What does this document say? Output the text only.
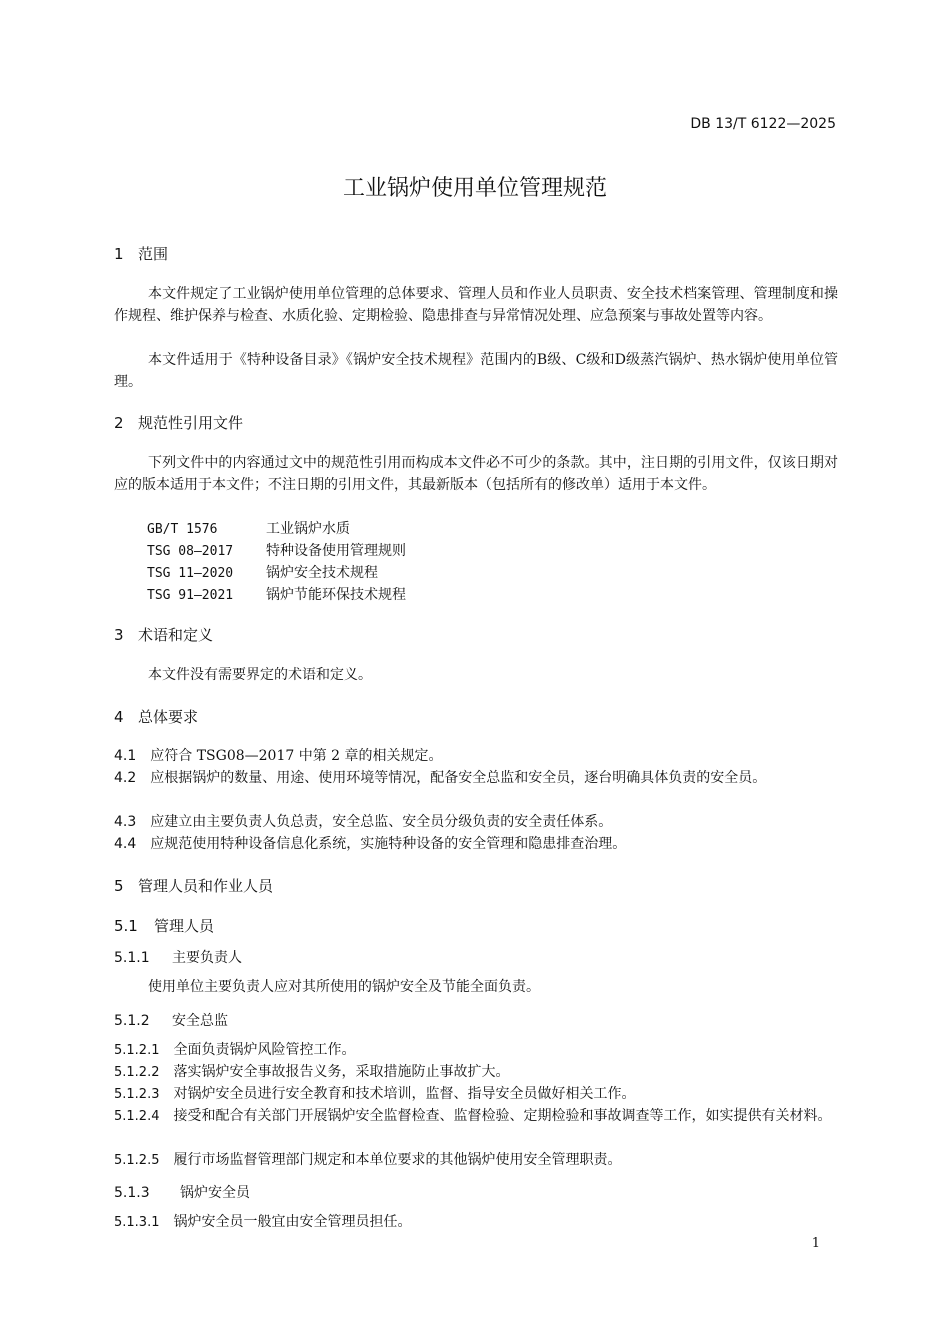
DB 13/T 6122—2025
工业锅炉使用单位管理规范
1 范围
本文件规定了工业锅炉使用单位管理的总体要求、管理人员和作业人员职责、安全技术档案管理、管理制度和操作规程、维护保养与检查、水质化验、定期检验、隐患排查与异常情况处理、应急预案与事故处置等内容。
本文件适用于《特种设备目录》《锅炉安全技术规程》范围内的B级、C级和D级蒸汽锅炉、热水锅炉使用单位管理。
2 规范性引用文件
下列文件中的内容通过文中的规范性引用而构成本文件必不可少的条款。其中，注日期的引用文件，仅该日期对应的版本适用于本文件；不注日期的引用文件，其最新版本（包括所有的修改单）适用于本文件。
GB/T 1576	工业锅炉水质
TSG 08—2017 特种设备使用管理规则
TSG 11—2020 锅炉安全技术规程
TSG 91—2021 锅炉节能环保技术规程
3 术语和定义
本文件没有需要界定的术语和定义。
4 总体要求
4.1 应符合 TSG08—2017 中第 2 章的相关规定。
4.2 应根据锅炉的数量、用途、使用环境等情况，配备安全总监和安全员，逐台明确具体负责的安全员。
4.3 应建立由主要负责人负总责，安全总监、安全员分级负责的安全责任体系。
4.4 应规范使用特种设备信息化系统，实施特种设备的安全管理和隐患排查治理。
5 管理人员和作业人员
5.1 管理人员
5.1.1 主要负责人
使用单位主要负责人应对其所使用的锅炉安全及节能全面负责。
5.1.2 安全总监
5.1.2.1 全面负责锅炉风险管控工作。
5.1.2.2 落实锅炉安全事故报告义务，采取措施防止事故扩大。
5.1.2.3 对锅炉安全员进行安全教育和技术培训，监督、指导安全员做好相关工作。
5.1.2.4 接受和配合有关部门开展锅炉安全监督检查、监督检验、定期检验和事故调查等工作，如实提供有关材料。
5.1.2.5 履行市场监督管理部门规定和本单位要求的其他锅炉使用安全管理职责。
5.1.3 锅炉安全员
5.1.3.1 锅炉安全员一般宜由安全管理员担任。
1
